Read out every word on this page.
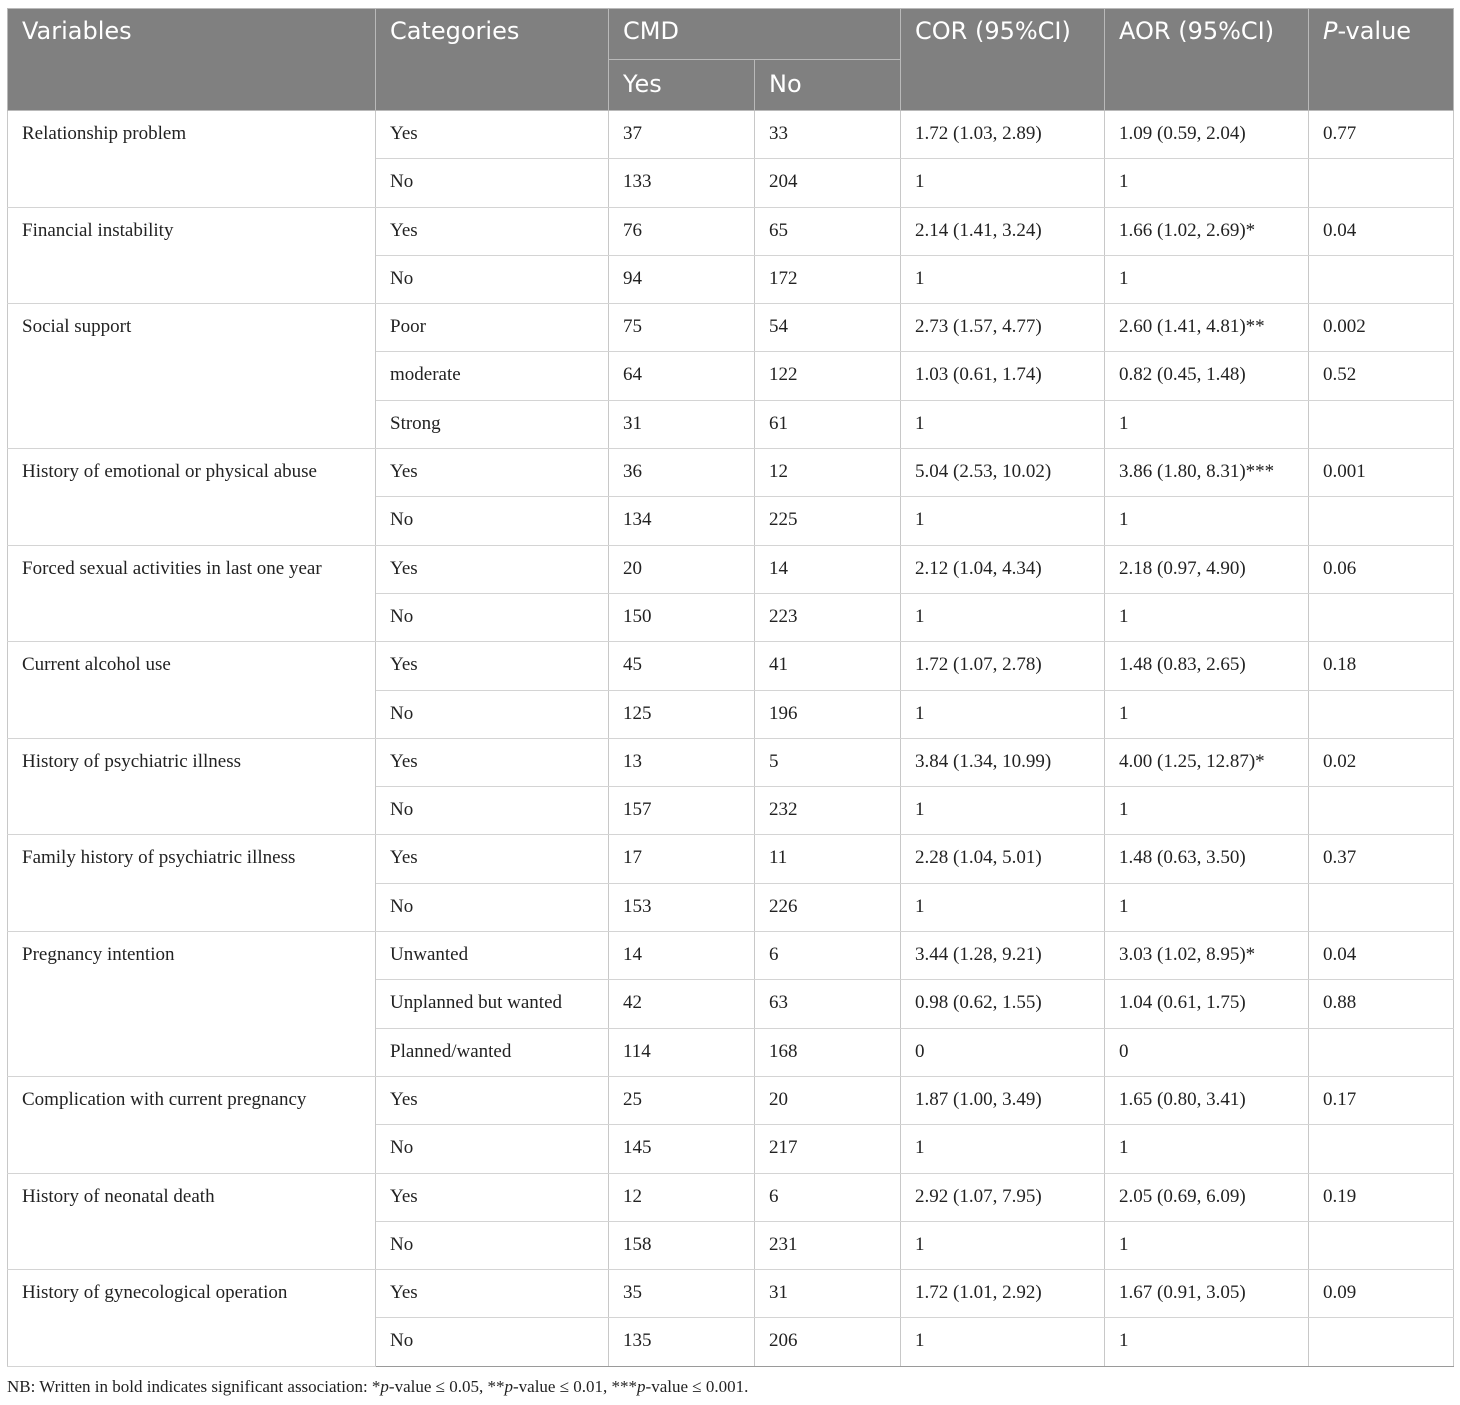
Variables	Categories	CMD		COR (95%CI)	AOR (95%CI)	P-value
		Yes	No			
Relationship problem	Yes	37	33	1.72 (1.03, 2.89)	1.09 (0.59, 2.04)	0.77
	No	133	204	1	1	
Financial instability	Yes	76	65	2.14 (1.41, 3.24)	1.66 (1.02, 2.69)*	0.04
	No	94	172	1	1	
Social support	Poor	75	54	2.73 (1.57, 4.77)	2.60 (1.41, 4.81)**	0.002
	moderate	64	122	1.03 (0.61, 1.74)	0.82 (0.45, 1.48)	0.52
	Strong	31	61	1	1	
History of emotional or physical abuse	Yes	36	12	5.04 (2.53, 10.02)	3.86 (1.80, 8.31)***	0.001
	No	134	225	1	1	
Forced sexual activities in last one year	Yes	20	14	2.12 (1.04, 4.34)	2.18 (0.97, 4.90)	0.06
	No	150	223	1	1	
Current alcohol use	Yes	45	41	1.72 (1.07, 2.78)	1.48 (0.83, 2.65)	0.18
	No	125	196	1	1	
History of psychiatric illness	Yes	13	5	3.84 (1.34, 10.99)	4.00 (1.25, 12.87)*	0.02
	No	157	232	1	1	
Family history of psychiatric illness	Yes	17	11	2.28 (1.04, 5.01)	1.48 (0.63, 3.50)	0.37
	No	153	226	1	1	
Pregnancy intention	Unwanted	14	6	3.44 (1.28, 9.21)	3.03 (1.02, 8.95)*	0.04
	Unplanned but wanted	42	63	0.98 (0.62, 1.55)	1.04 (0.61, 1.75)	0.88
	Planned/wanted	114	168	0	0	
Complication with current pregnancy	Yes	25	20	1.87 (1.00, 3.49)	1.65 (0.80, 3.41)	0.17
	No	145	217	1	1	
History of neonatal death	Yes	12	6	2.92 (1.07, 7.95)	2.05 (0.69, 6.09)	0.19
	No	158	231	1	1	
History of gynecological operation	Yes	35	31	1.72 (1.01, 2.92)	1.67 (0.91, 3.05)	0.09
	No	135	206	1	1	
NB: Written in bold indicates significant association: *p-value ≤ 0.05, **p-value ≤ 0.01, ***p-value ≤ 0.001.
